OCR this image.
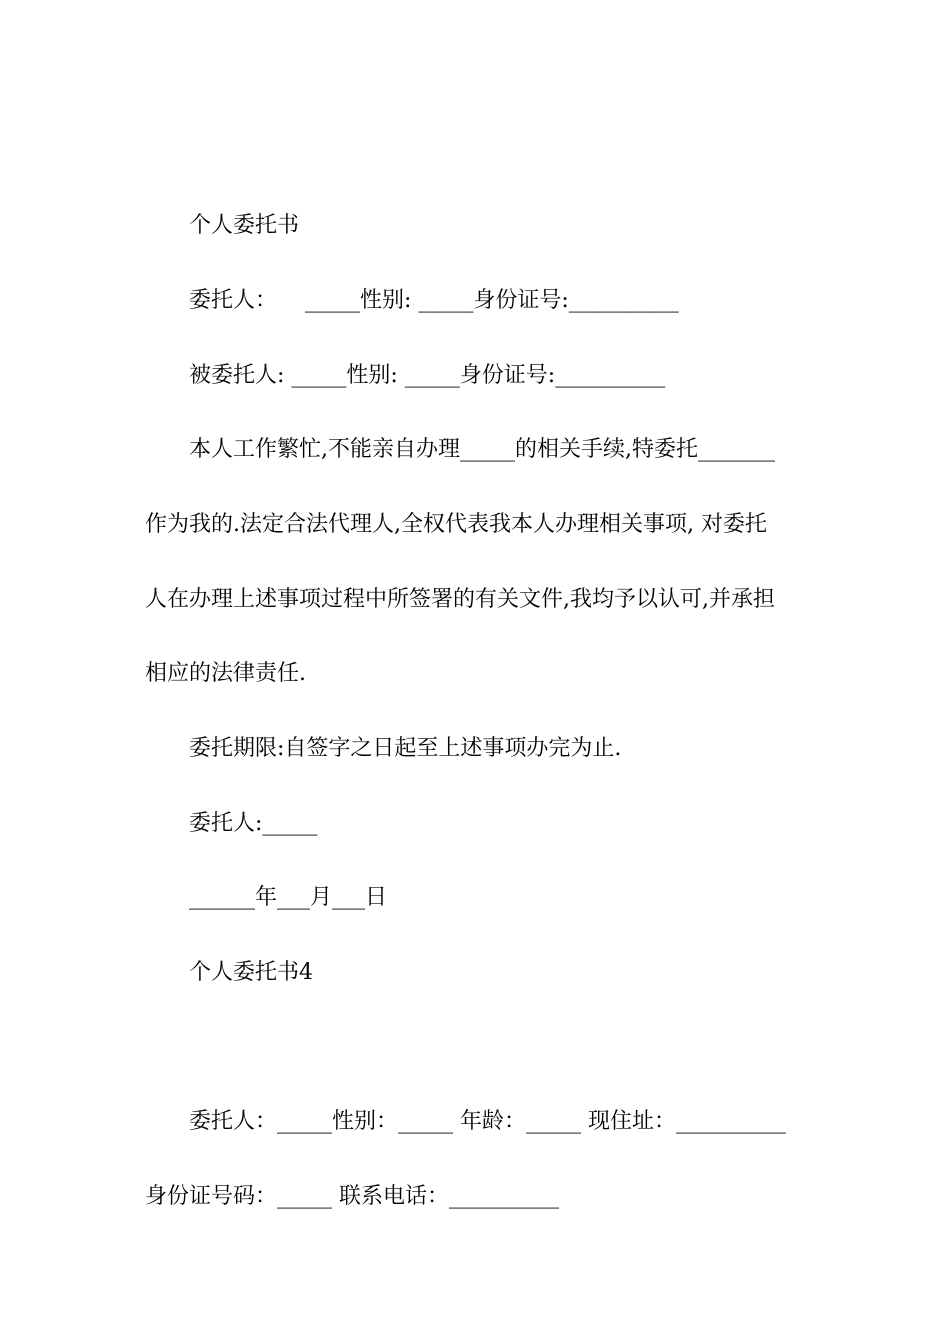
个人委托书

委托人：    _____性别: _____身份证号:__________

被委托人: _____性别: _____身份证号:__________

本人工作繁忙,不能亲自办理_____的相关手续,特委托_______

作为我的.法定合法代理人,全权代表我本人办理相关事项, 对委托

人在办理上述事项过程中所签署的有关文件,我均予以认可,并承担

相应的法律责任.

委托期限:自签字之日起至上述事项办完为止.

委托人:_____

______年___月___日

个人委托书4

委托人：_____性别：_____ 年龄：_____ 现住址：__________

身份证号码：_____ 联系电话：__________
